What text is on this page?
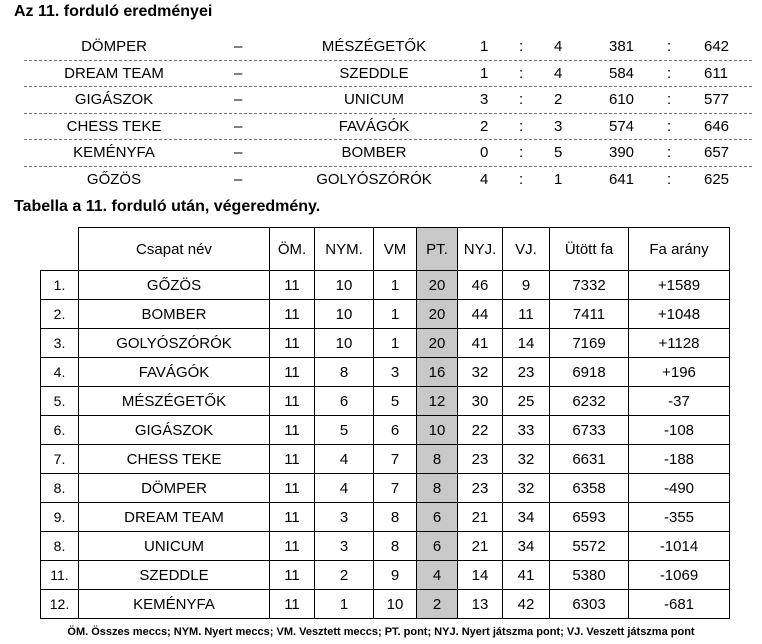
Az 11. forduló eredményei
DÖMPER	–	MÉSZÉGETŐK	1 : 4	381 : 642
DREAM TEAM	–	SZEDDLE	1 : 4	584 : 611
GIGÁSZOK	–	UNICUM	3 : 2	610 : 577
CHESS TEKE	–	FAVÁGÓK	2 : 3	574 : 646
KEMÉNYFA	–	BOMBER	0 : 5	390 : 657
GŐZÖS	–	GOLYÓSZÓRÓK	4 : 1	641 : 625
Tabella a 11. forduló után, végeredmény.
	Csapat név	ÖM.	NYM.	VM	PT.	NYJ.	VJ.	Ütött fa	Fa arány
1.	GŐZÖS	11	10	1	20	46	9	7332	+1589
2.	BOMBER	11	10	1	20	44	11	7411	+1048
3.	GOLYÓSZÓRÓK	11	10	1	20	41	14	7169	+1128
4.	FAVÁGÓK	11	8	3	16	32	23	6918	+196
5.	MÉSZÉGETŐK	11	6	5	12	30	25	6232	-37
6.	GIGÁSZOK	11	5	6	10	22	33	6733	-108
7.	CHESS TEKE	11	4	7	8	23	32	6631	-188
8.	DÖMPER	11	4	7	8	23	32	6358	-490
9.	DREAM TEAM	11	3	8	6	21	34	6593	-355
8.	UNICUM	11	3	8	6	21	34	5572	-1014
11.	SZEDDLE	11	2	9	4	14	41	5380	-1069
12.	KEMÉNYFA	11	1	10	2	13	42	6303	-681
ÖM. Összes meccs; NYM. Nyert meccs; VM. Vesztett meccs; PT. pont; NYJ. Nyert játszma pont; VJ. Veszett játszma pont
